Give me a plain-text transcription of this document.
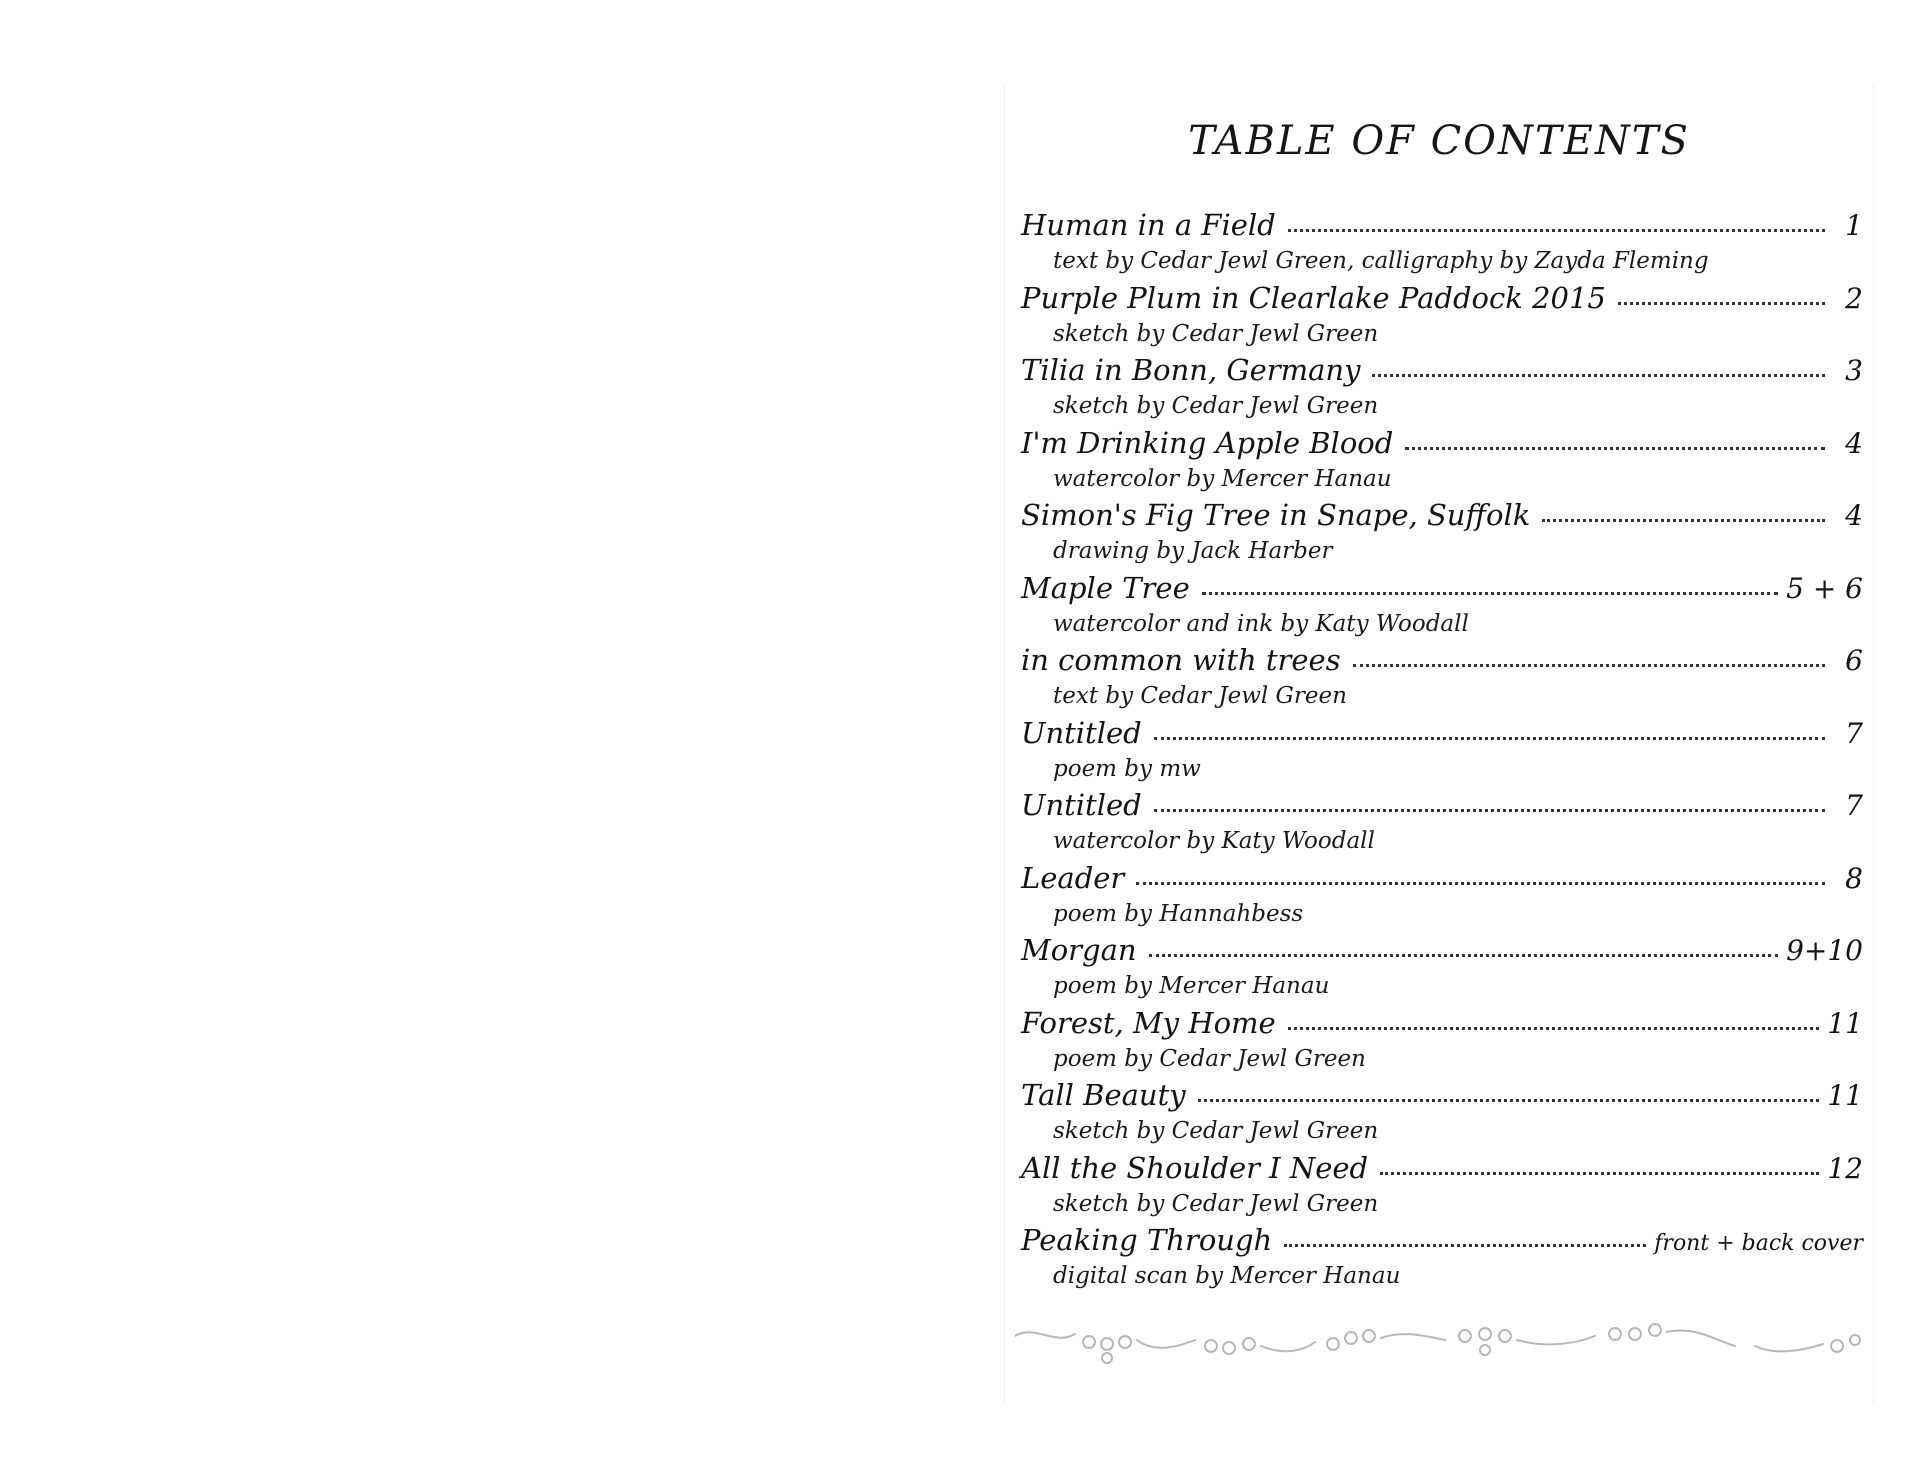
TABLE OF CONTENTS
Human in a Field	1
text by Cedar Jewl Green, calligraphy by Zayda Fleming
Purple Plum in Clearlake Paddock 2015	2
sketch by Cedar Jewl Green
Tilia in Bonn, Germany	3
sketch by Cedar Jewl Green
I'm Drinking Apple Blood	4
watercolor by Mercer Hanau
Simon's Fig Tree in Snape, Suffolk	4
drawing by Jack Harber
Maple Tree	5 + 6
watercolor and ink by Katy Woodall
in common with trees	6
text by Cedar Jewl Green
Untitled	7
poem by mw
Untitled	7
watercolor by Katy Woodall
Leader	8
poem by Hannahbess
Morgan	9+10
poem by Mercer Hanau
Forest, My Home	11
poem by Cedar Jewl Green
Tall Beauty	11
sketch by Cedar Jewl Green
All the Shoulder I Need	12
sketch by Cedar Jewl Green
Peaking Through	front + back cover
digital scan by Mercer Hanau
